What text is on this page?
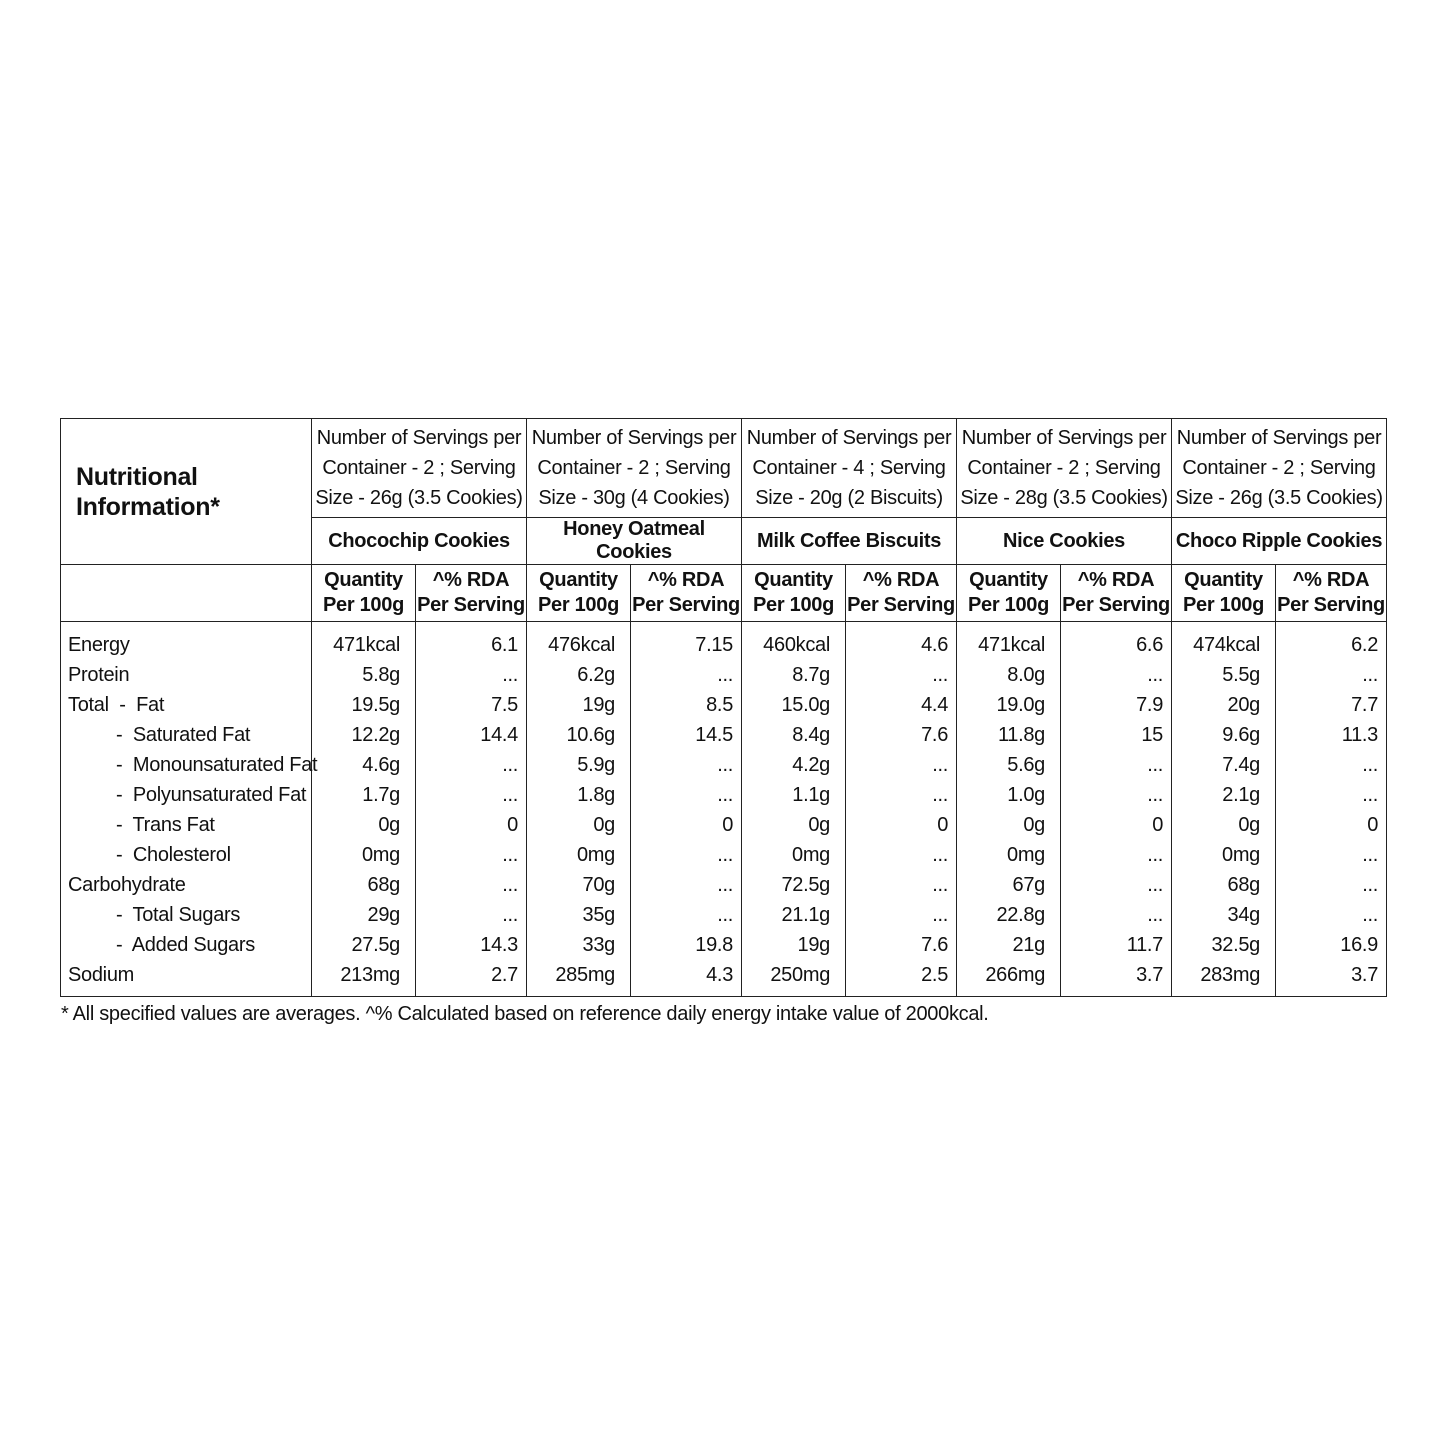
Nutritional Information*	Number of Servings per Container - 2 ; Serving Size - 26g (3.5 Cookies)		Number of Servings per Container - 2 ; Serving Size - 30g (4 Cookies)		Number of Servings per Container - 4 ; Serving Size - 20g (2 Biscuits)		Number of Servings per Container - 2 ; Serving Size - 28g (3.5 Cookies)		Number of Servings per Container - 2 ; Serving Size - 26g (3.5 Cookies)	
	Chocochip Cookies		Honey Oatmeal Cookies		Milk Coffee Biscuits		Nice Cookies		Choco Ripple Cookies	
	Quantity Per 100g	^% RDA Per Serving	Quantity Per 100g	^% RDA Per Serving	Quantity Per 100g	^% RDA Per Serving	Quantity Per 100g	^% RDA Per Serving	Quantity Per 100g	^% RDA Per Serving
Energy	471kcal	6.1	476kcal	7.15	460kcal	4.6	471kcal	6.6	474kcal	6.2
Protein	5.8g	...	6.2g	...	8.7g	...	8.0g	...	5.5g	...
Total  -  Fat	19.5g	7.5	19g	8.5	15.0g	4.4	19.0g	7.9	20g	7.7
-  Saturated Fat	12.2g	14.4	10.6g	14.5	8.4g	7.6	11.8g	15	9.6g	11.3
-  Monounsaturated Fat	4.6g	...	5.9g	...	4.2g	...	5.6g	...	7.4g	...
-  Polyunsaturated Fat	1.7g	...	1.8g	...	1.1g	...	1.0g	...	2.1g	...
-  Trans Fat	0g	0	0g	0	0g	0	0g	0	0g	0
-  Cholesterol	0mg	...	0mg	...	0mg	...	0mg	...	0mg	...
Carbohydrate	68g	...	70g	...	72.5g	...	67g	...	68g	...
-  Total Sugars	29g	...	35g	...	21.1g	...	22.8g	...	34g	...
-  Added Sugars	27.5g	14.3	33g	19.8	19g	7.6	21g	11.7	32.5g	16.9
Sodium	213mg	2.7	285mg	4.3	250mg	2.5	266mg	3.7	283mg	3.7
* All specified values are averages. ^% Calculated based on reference daily energy intake value of 2000kcal.
